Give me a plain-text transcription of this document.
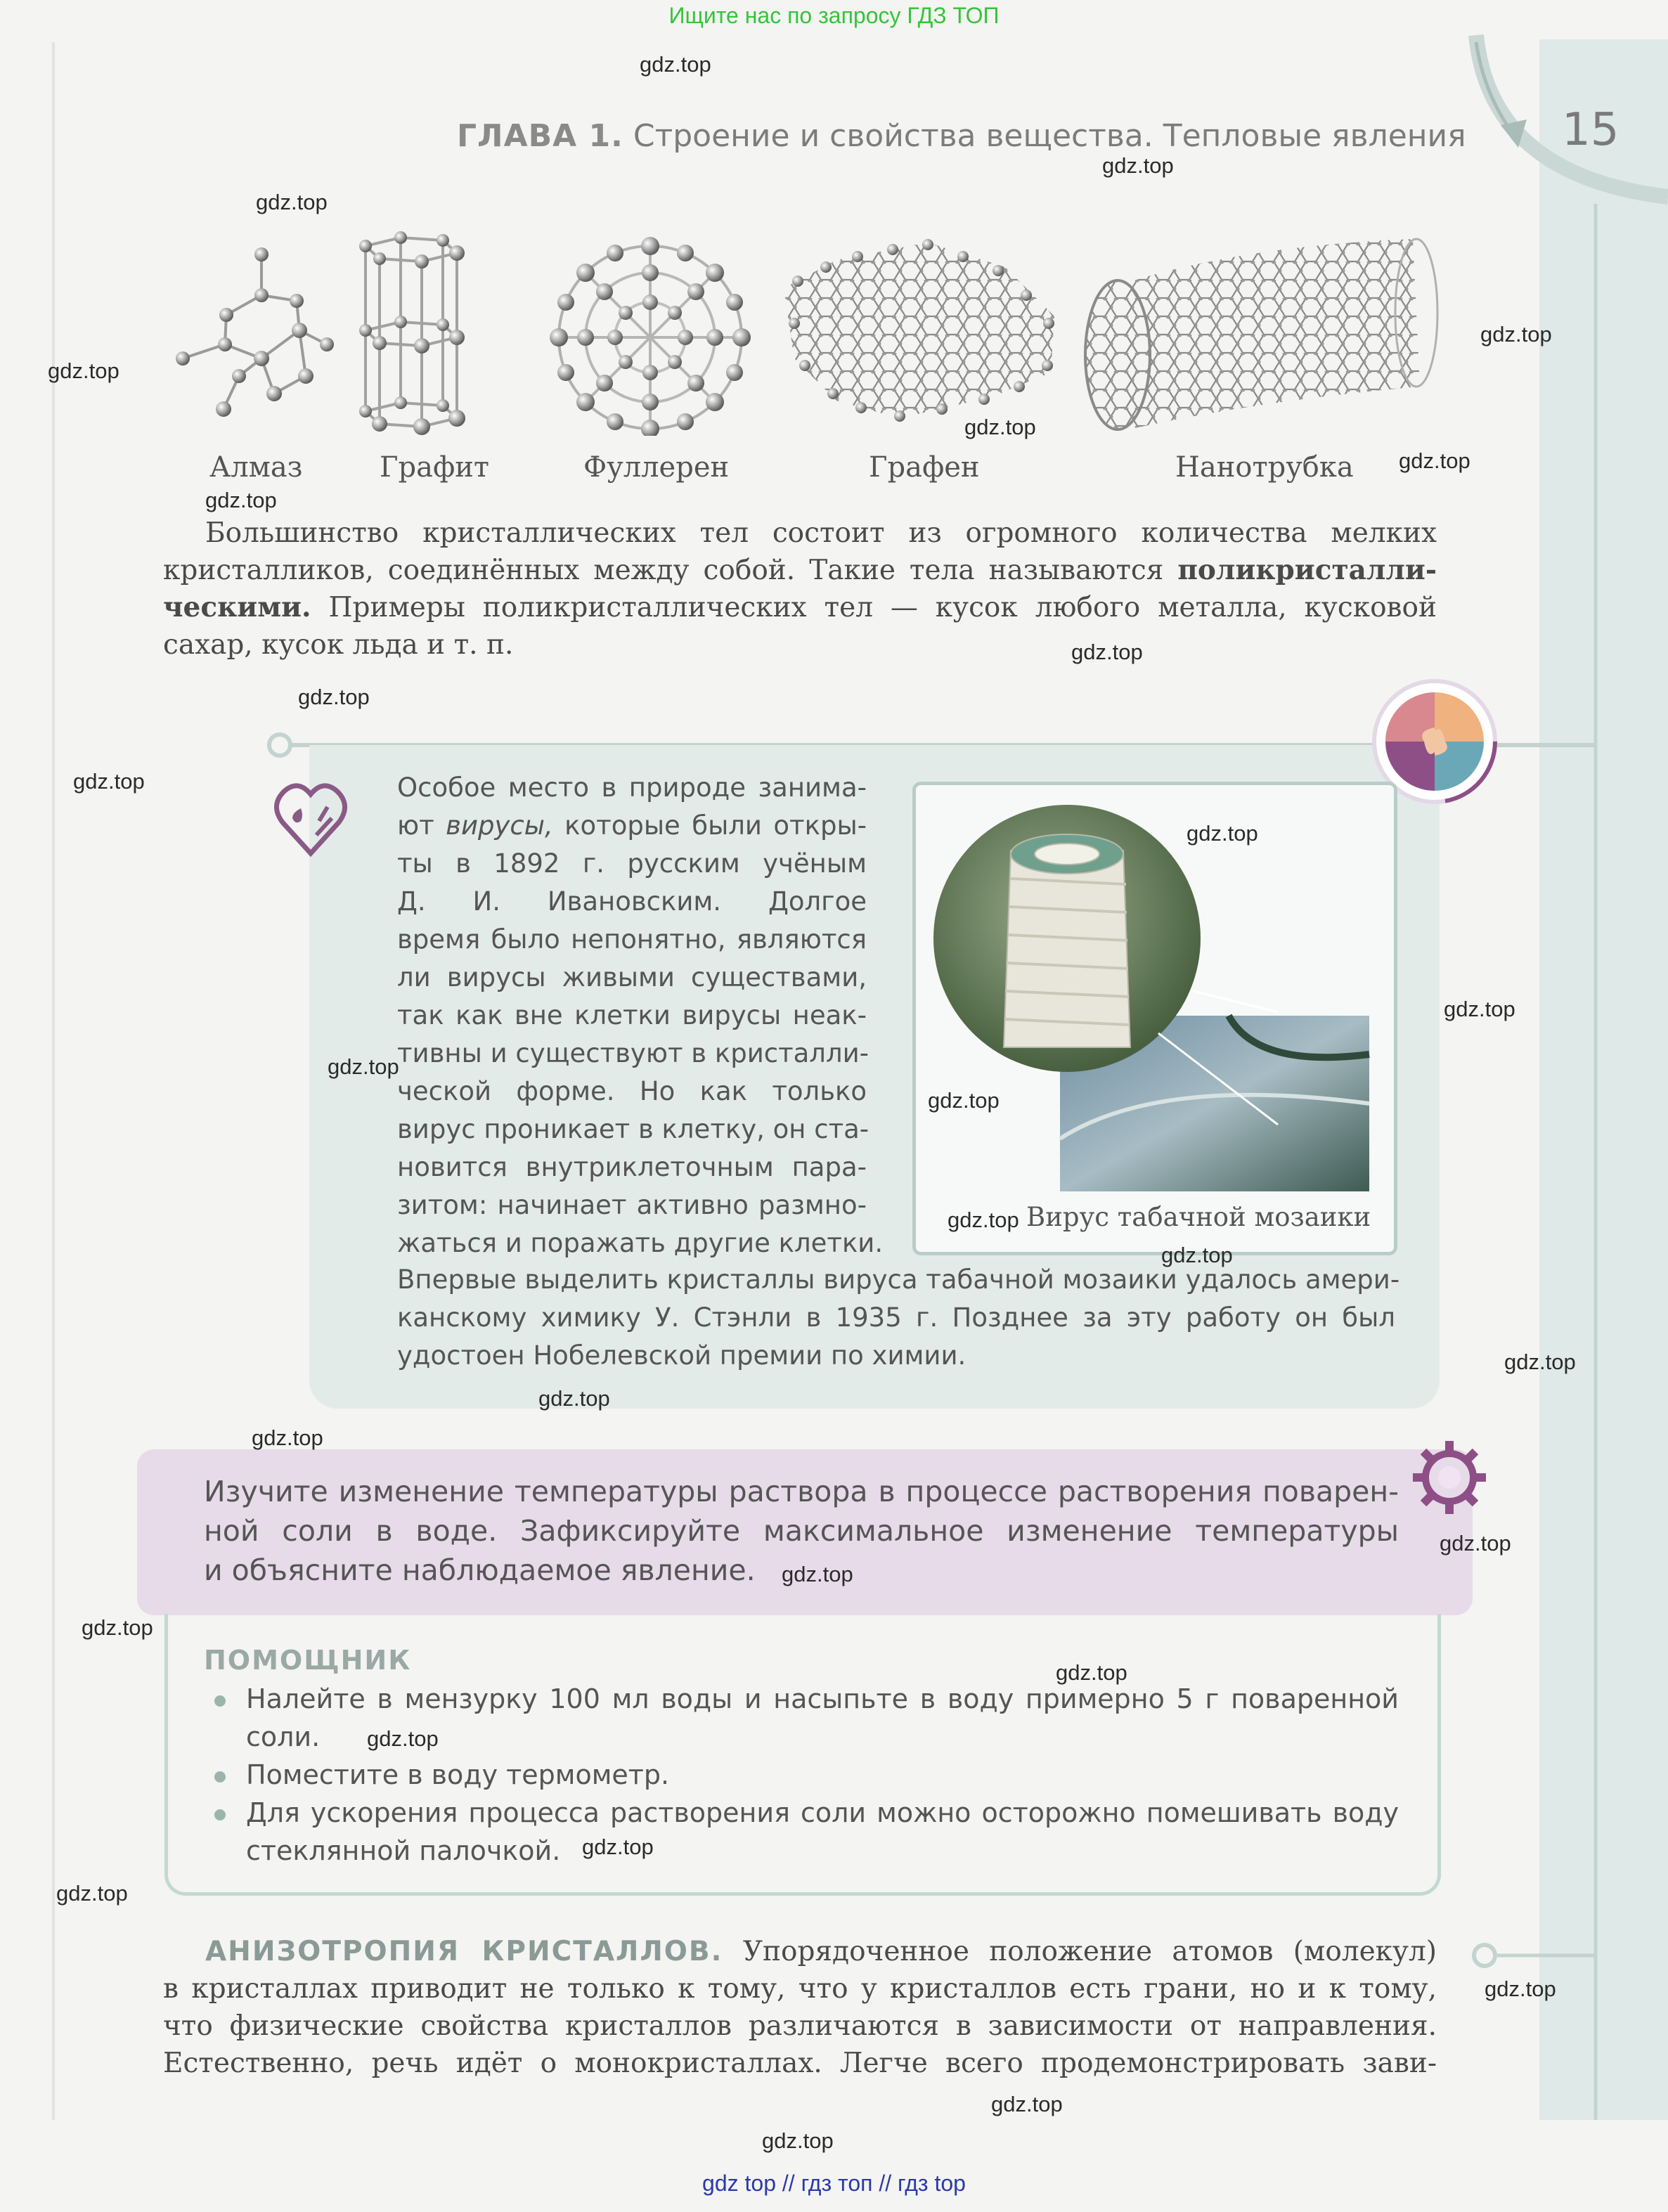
Ищите нас по запросу ГДЗ ТОП
gdz top // гдз топ // гдз top
ГЛАВА 1. Строение и свойства вещества. Тепловые явления 15
Алмаз	Графит	Фуллерен	Графен	Нанотрубка
Большинство кристаллических тел состоит из огромного количества мелких
кристалликов, соединённых между собой. Такие тела называются поликристалли-
ческими. Примеры поликристаллических тел — кусок любого металла, кусковой
сахар, кусок льда и т. п.
Особое место в природе занима-
ют вирусы, которые были откры-
ты в 1892 г. русским учёным
Д. И. Ивановским. Долгое
время было непонятно, являются
ли вирусы живыми существами,
так как вне клетки вирусы неак-
тивны и существуют в кристалли-
ческой форме. Но как только
вирус проникает в клетку, он ста-
новится внутриклеточным пара-
зитом: начинает активно размно-
жаться и поражать другие клетки.
Вирус табачной мозаики
Впервые выделить кристаллы вируса табачной мозаики удалось амери-
канскому химику У. Стэнли в 1935 г. Позднее за эту работу он был
удостоен Нобелевской премии по химии.
Изучите изменение температуры раствора в процессе растворения поварен-
ной соли в воде. Зафиксируйте максимальное изменение температуры
и объясните наблюдаемое явление.
ПОМОЩНИК
Налейте в мензурку 100 мл воды и насыпьте в воду примерно 5 г поваренной
соли.
Поместите в воду термометр.
Для ускорения процесса растворения соли можно осторожно помешивать воду
стеклянной палочкой.
АНИЗОТРОПИЯ КРИСТАЛЛОВ. Упорядоченное положение атомов (молекул)
в кристаллах приводит не только к тому, что у кристаллов есть грани, но и к тому,
что физические свойства кристаллов различаются в зависимости от направления.
Естественно, речь идёт о монокристаллах. Легче всего продемонстрировать зави-
gdz.top
gdz.top
gdz.top
gdz.top
gdz.top
gdz.top
gdz.top
gdz.top
gdz.top
gdz.top
gdz.top
gdz.top
gdz.top
gdz.top
gdz.top
gdz.top
gdz.top
gdz.top
gdz.top
gdz.top
gdz.top
gdz.top
gdz.top
gdz.top
gdz.top
gdz.top
gdz.top
gdz.top
gdz.top
gdz.top
